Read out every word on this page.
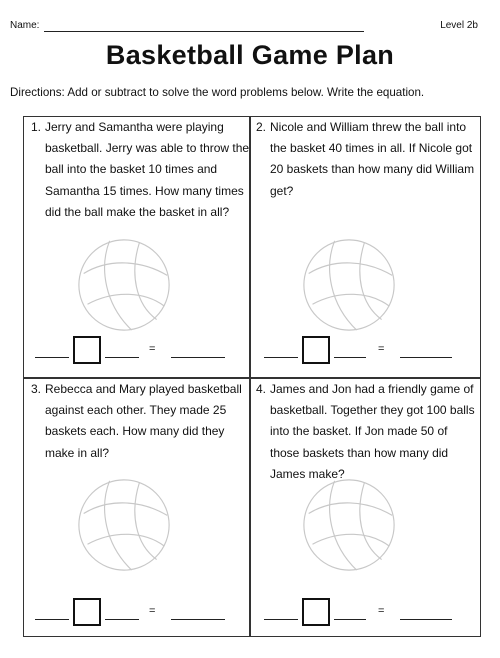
Name:	Level 2b
Basketball Game Plan
Directions: Add or subtract to solve the word problems below. Write the equation.

1. Jerry and Samantha were playing basketball. Jerry was able to throw the ball into the basket 10 times and Samantha 15 times. How many times did the ball make the basket in all?

=

2. Nicole and William threw the ball into the basket 40 times in all. If Nicole got 20 baskets than how many did William get?

=

3. Rebecca and Mary played basketball against each other. They made 25 baskets each. How many did they make in all?

=

4. James and Jon had a friendly game of basketball. Together they got 100 balls into the basket. If Jon made 50 of those baskets than how many did James make?

=
